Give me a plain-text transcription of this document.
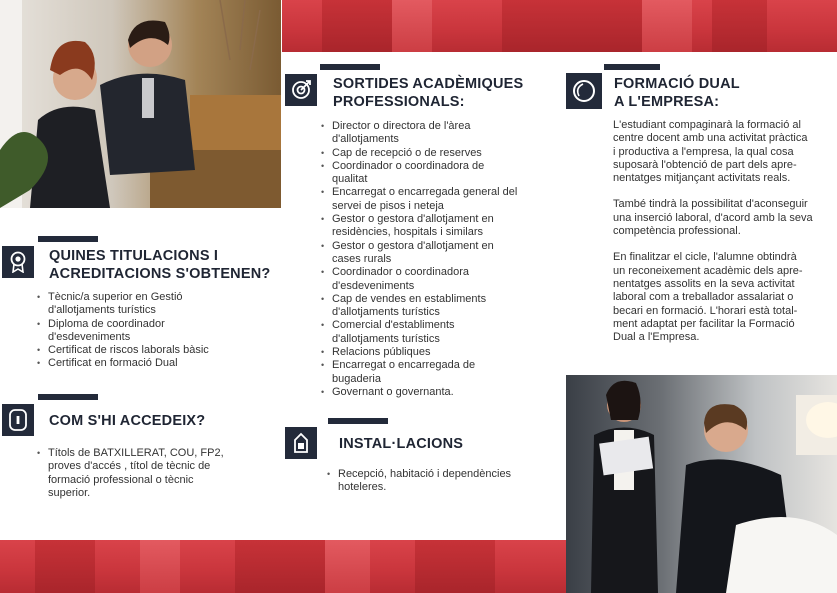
QUINES TITULACIONS I
ACREDITACIONS S'OBTENEN?
• Tècnic/a superior en Gestió
d'allotjaments turístics
• Diploma de coordinador
d'esdeveniments
• Certificat de riscos laborals bàsic
• Certificat en formació Dual
COM S'HI ACCEDEIX?
• Títols de BATXILLERAT, COU, FP2,
proves d'accés , títol de tècnic de
formació professional o tècnic
superior.
SORTIDES ACADÈMIQUES
PROFESSIONALS:
• Director o directora de l'àrea
d'allotjaments
• Cap de recepció o de reserves
• Coordinador o coordinadora de
qualitat
• Encarregat o encarregada general del
servei de pisos i neteja
• Gestor o gestora d'allotjament en
residències, hospitals i similars
• Gestor o gestora d'allotjament en
cases rurals
• Coordinador o coordinadora
d'esdeveniments
• Cap de vendes en establiments
d'allotjaments turístics
• Comercial d'establiments
d'allotjaments turístics
• Relacions públiques
• Encarregat o encarregada de
bugaderia
• Governant o governanta.
INSTAL·LACIONS
• Recepció, habitació i dependències
hoteleres.
FORMACIÓ DUAL
A L'EMPRESA:

L'estudiant compaginarà la formació al
centre docent amb una activitat pràctica
i productiva a l'empresa, la qual cosa
suposarà l'obtenció de part dels apre-
nentatges mitjançant activitats reals.

També tindrà la possibilitat d'aconseguir
una inserció laboral, d'acord amb la seva
competència professional.

En finalitzar el cicle, l'alumne obtindrà
un reconeixement acadèmic dels apre-
nentatges assolits en la seva activitat
laboral com a treballador assalariat o
becari en formació. L'horari està total-
ment adaptat per facilitar la Formació
Dual a l'Empresa.
